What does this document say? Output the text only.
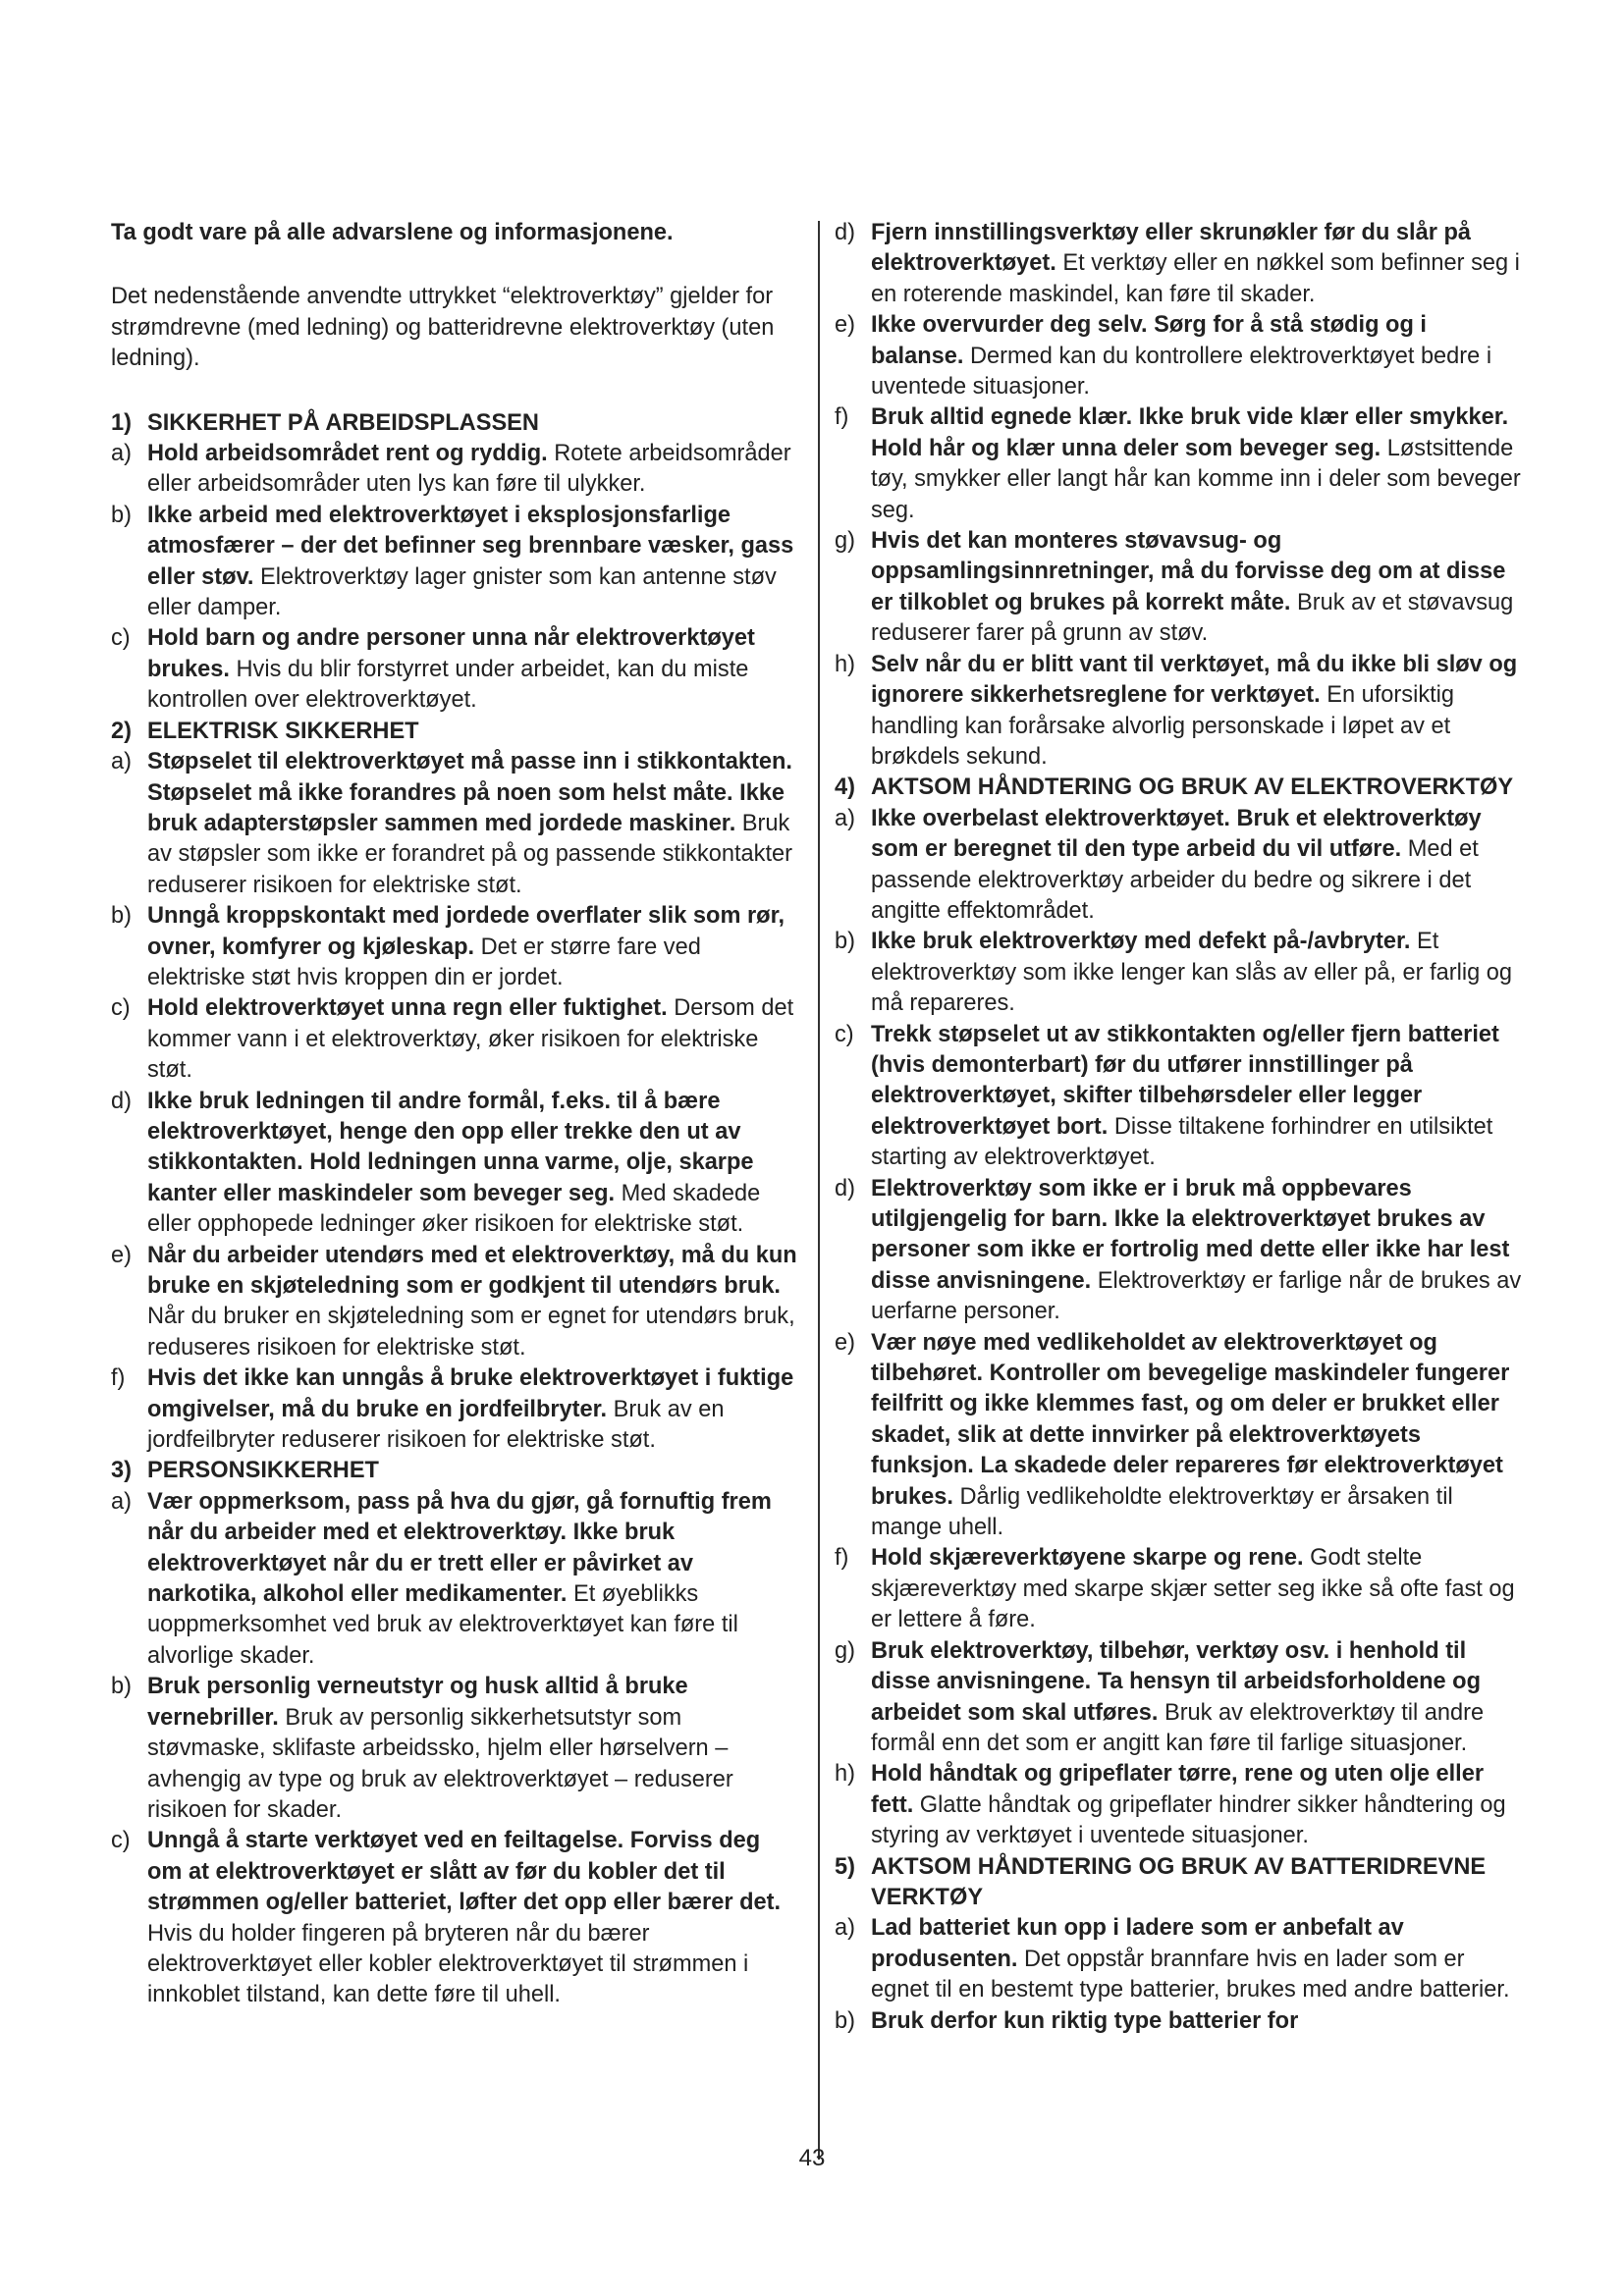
Ta godt vare på alle advarslene og informasjonene.

Det nedenstående anvendte uttrykket “elektroverktøy” gjelder for strømdrevne (med ledning) og batteridrevne elektroverktøy (uten ledning).

1) SIKKERHET PÅ ARBEIDSPLASSEN
a) Hold arbeidsområdet rent og ryddig. Rotete arbeidsområder eller arbeidsområder uten lys kan føre til ulykker.
b) Ikke arbeid med elektroverktøyet i eksplosjonsfarlige atmosfærer – der det befinner seg brennbare væsker, gass eller støv. Elektroverktøy lager gnister som kan antenne støv eller damper.
c) Hold barn og andre personer unna når elektroverktøyet brukes. Hvis du blir forstyrret under arbeidet, kan du miste kontrollen over elektroverktøyet.
2) ELEKTRISK SIKKERHET
a) Støpselet til elektroverktøyet må passe inn i stikkontakten. Støpselet må ikke forandres på noen som helst måte. Ikke bruk adapterstøpsler sammen med jordede maskiner. Bruk av støpsler som ikke er forandret på og passende stikkontakter reduserer risikoen for elektriske støt.
b) Unngå kroppskontakt med jordede overflater slik som rør, ovner, komfyrer og kjøleskap. Det er større fare ved elektriske støt hvis kroppen din er jordet.
c) Hold elektroverktøyet unna regn eller fuktighet. Dersom det kommer vann i et elektroverktøy, øker risikoen for elektriske støt.
d) Ikke bruk ledningen til andre formål, f.eks. til å bære elektroverktøyet, henge den opp eller trekke den ut av stikkontakten. Hold ledningen unna varme, olje, skarpe kanter eller maskindeler som beveger seg. Med skadede eller opphopede ledninger øker risikoen for elektriske støt.
e) Når du arbeider utendørs med et elektroverktøy, må du kun bruke en skjøteledning som er godkjent til utendørs bruk. Når du bruker en skjøteledning som er egnet for utendørs bruk, reduseres risikoen for elektriske støt.
f) Hvis det ikke kan unngås å bruke elektroverktøyet i fuktige omgivelser, må du bruke en jordfeilbryter. Bruk av en jordfeilbryter reduserer risikoen for elektriske støt.
3) PERSONSIKKERHET
a) Vær oppmerksom, pass på hva du gjør, gå fornuftig frem når du arbeider med et elektroverktøy. Ikke bruk elektroverktøyet når du er trett eller er påvirket av narkotika, alkohol eller medikamenter. Et øyeblikks uoppmerksomhet ved bruk av elektroverktøyet kan føre til alvorlige skader.
b) Bruk personlig verneutstyr og husk alltid å bruke vernebriller. Bruk av personlig sikkerhetsutstyr som støvmaske, sklifaste arbeidssko, hjelm eller hørselvern – avhengig av type og bruk av elektroverktøyet – reduserer risikoen for skader.
c) Unngå å starte verktøyet ved en feiltagelse. Forviss deg om at elektroverktøyet er slått av før du kobler det til strømmen og/eller batteriet, løfter det opp eller bærer det. Hvis du holder fingeren på bryteren når du bærer elektroverktøyet eller kobler elektroverktøyet til strømmen i innkoblet tilstand, kan dette føre til uhell.
d) Fjern innstillingsverktøy eller skrunøkler før du slår på elektroverktøyet. Et verktøy eller en nøkkel som befinner seg i en roterende maskindel, kan føre til skader.
e) Ikke overvurder deg selv. Sørg for å stå stødig og i balanse. Dermed kan du kontrollere elektroverktøyet bedre i uventede situasjoner.
f) Bruk alltid egnede klær. Ikke bruk vide klær eller smykker. Hold hår og klær unna deler som beveger seg. Løstsittende tøy, smykker eller langt hår kan komme inn i deler som beveger seg.
g) Hvis det kan monteres støvavsug- og oppsamlingsinnretninger, må du forvisse deg om at disse er tilkoblet og brukes på korrekt måte. Bruk av et støvavsug reduserer farer på grunn av støv.
h) Selv når du er blitt vant til verktøyet, må du ikke bli sløv og ignorere sikkerhetsreglene for verktøyet. En uforsiktig handling kan forårsake alvorlig personskade i løpet av et brøkdels sekund.
4) AKTSOM HÅNDTERING OG BRUK AV ELEKTROVERKTØY
a) Ikke overbelast elektroverktøyet. Bruk et elektroverktøy som er beregnet til den type arbeid du vil utføre. Med et passende elektroverktøy arbeider du bedre og sikrere i det angitte effektområdet.
b) Ikke bruk elektroverktøy med defekt på-/avbryter. Et elektroverktøy som ikke lenger kan slås av eller på, er farlig og må repareres.
c) Trekk støpselet ut av stikkontakten og/eller fjern batteriet (hvis demonterbart) før du utfører innstillinger på elektroverktøyet, skifter tilbehørsdeler eller legger elektroverktøyet bort. Disse tiltakene forhindrer en utilsiktet starting av elektroverktøyet.
d) Elektroverktøy som ikke er i bruk må oppbevares utilgjengelig for barn. Ikke la elektroverktøyet brukes av personer som ikke er fortrolig med dette eller ikke har lest disse anvisningene. Elektroverktøy er farlige når de brukes av uerfarne personer.
e) Vær nøye med vedlikeholdet av elektroverktøyet og tilbehøret. Kontroller om bevegelige maskindeler fungerer feilfritt og ikke klemmes fast, og om deler er brukket eller skadet, slik at dette innvirker på elektroverktøyets funksjon. La skadede deler repareres før elektroverktøyet brukes. Dårlig vedlikeholdte elektroverktøy er årsaken til mange uhell.
f) Hold skjæreverktøyene skarpe og rene. Godt stelte skjæreverktøy med skarpe skjær setter seg ikke så ofte fast og er lettere å føre.
g) Bruk elektroverktøy, tilbehør, verktøy osv. i henhold til disse anvisningene. Ta hensyn til arbeidsforholdene og arbeidet som skal utføres. Bruk av elektroverktøy til andre formål enn det som er angitt kan føre til farlige situasjoner.
h) Hold håndtak og gripeflater tørre, rene og uten olje eller fett. Glatte håndtak og gripeflater hindrer sikker håndtering og styring av verktøyet i uventede situasjoner.
5) AKTSOM HÅNDTERING OG BRUK AV BATTERIDREVNE VERKTØY
a) Lad batteriet kun opp i ladere som er anbefalt av produsenten. Det oppstår brannfare hvis en lader som er egnet til en bestemt type batterier, brukes med andre batterier.
b) Bruk derfor kun riktig type batterier for
43
